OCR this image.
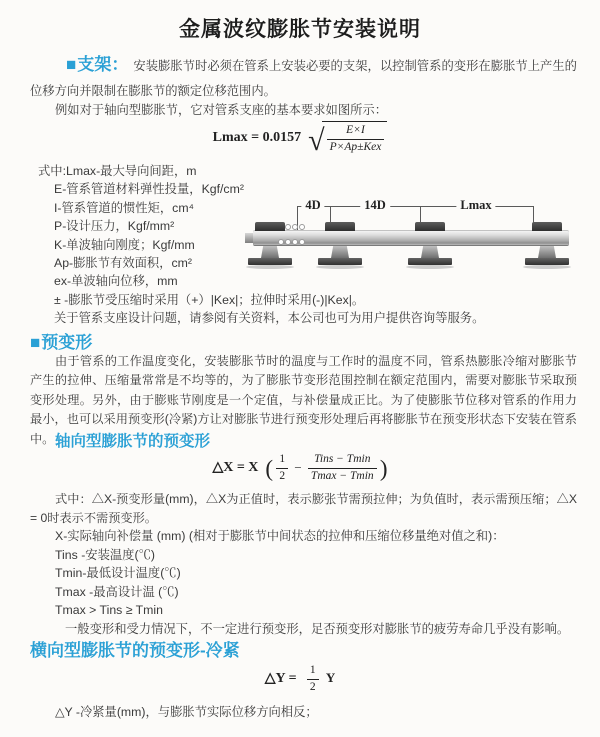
金属波纹膨胀节安装说明
■支架： 安装膨胀节时必须在管系上安装必要的支架，以控制管系的变形在膨胀节上产生的位移方向并限制在膨胀节的额定位移范围内。
例如对于轴向型膨胀节，它对管系支座的基本要求如图所示：
Lmax = 0.0157 √ $\frac{E\times I}{\text{P×Ap±Kex}}$
式中:Lmax-最大导向间距，m
E-管系管道材料弹性投量，Kgf/cm²
I-管系管道的惯性矩，cm⁴
P-设计压力，Kgf/mm²
K-单波轴向刚度；Kgf/mm
Ap-膨胀节有效面积，cm²
ex-单波轴向位移，mm
± -膨胀节受压缩时采用（+）|Kex|；拉伸时采用(-)|Kex|。
关于管系支座设计问题，请参阅有关资料，本公司也可为用户提供咨询等服务。
4D	14D	Lmax
■预变形
由于管系的工作温度变化，安装膨胀节时的温度与工作时的温度不同，管系热膨胀冷缩对膨胀节产生的拉伸、压缩量常常是不均等的，为了膨胀节变形范围控制在额定范围内，需要对膨胀节采取预变形处理。另外，由于膨账节刚度是一个定值，与补偿量成正比。为了使膨胀节位移对管系的作用力最小，也可以采用预变形(冷紧)方让对膨胀节进行预变形处理后再将膨胀节在预变形状态下安装在管系中。 轴向型膨胀节的预变形
△X = X ( $\frac{1}{2} - \frac{\text{Tins − Tmin}}{Tmax - Tmin}$ )
式中：△X-预变形量(mm)，△X为正值时，表示膨张节需预拉伸；为负值时，表示需预压缩；△X = 0时表示不需预变形。
X-实际轴向补偿量 (mm) (相对于膨胀节中间状态的拉伸和压缩位移量绝对值之和)：
Tins -安装温度(℃)
Tmin-最低设计温度(℃)
Tmax -最高设计温 (℃)
Tmax > Tins ≥ Tmin
一般变形和受力情况下，不一定进行预变形，足否预变形对膨胀节的疲劳寿命几乎没有影响。
横向型膨胀节的预变形-冷紧
△Y = $\frac{1}{2}$ Y
△Y -冷紧量(mm)，与膨胀节实际位移方向相反；
